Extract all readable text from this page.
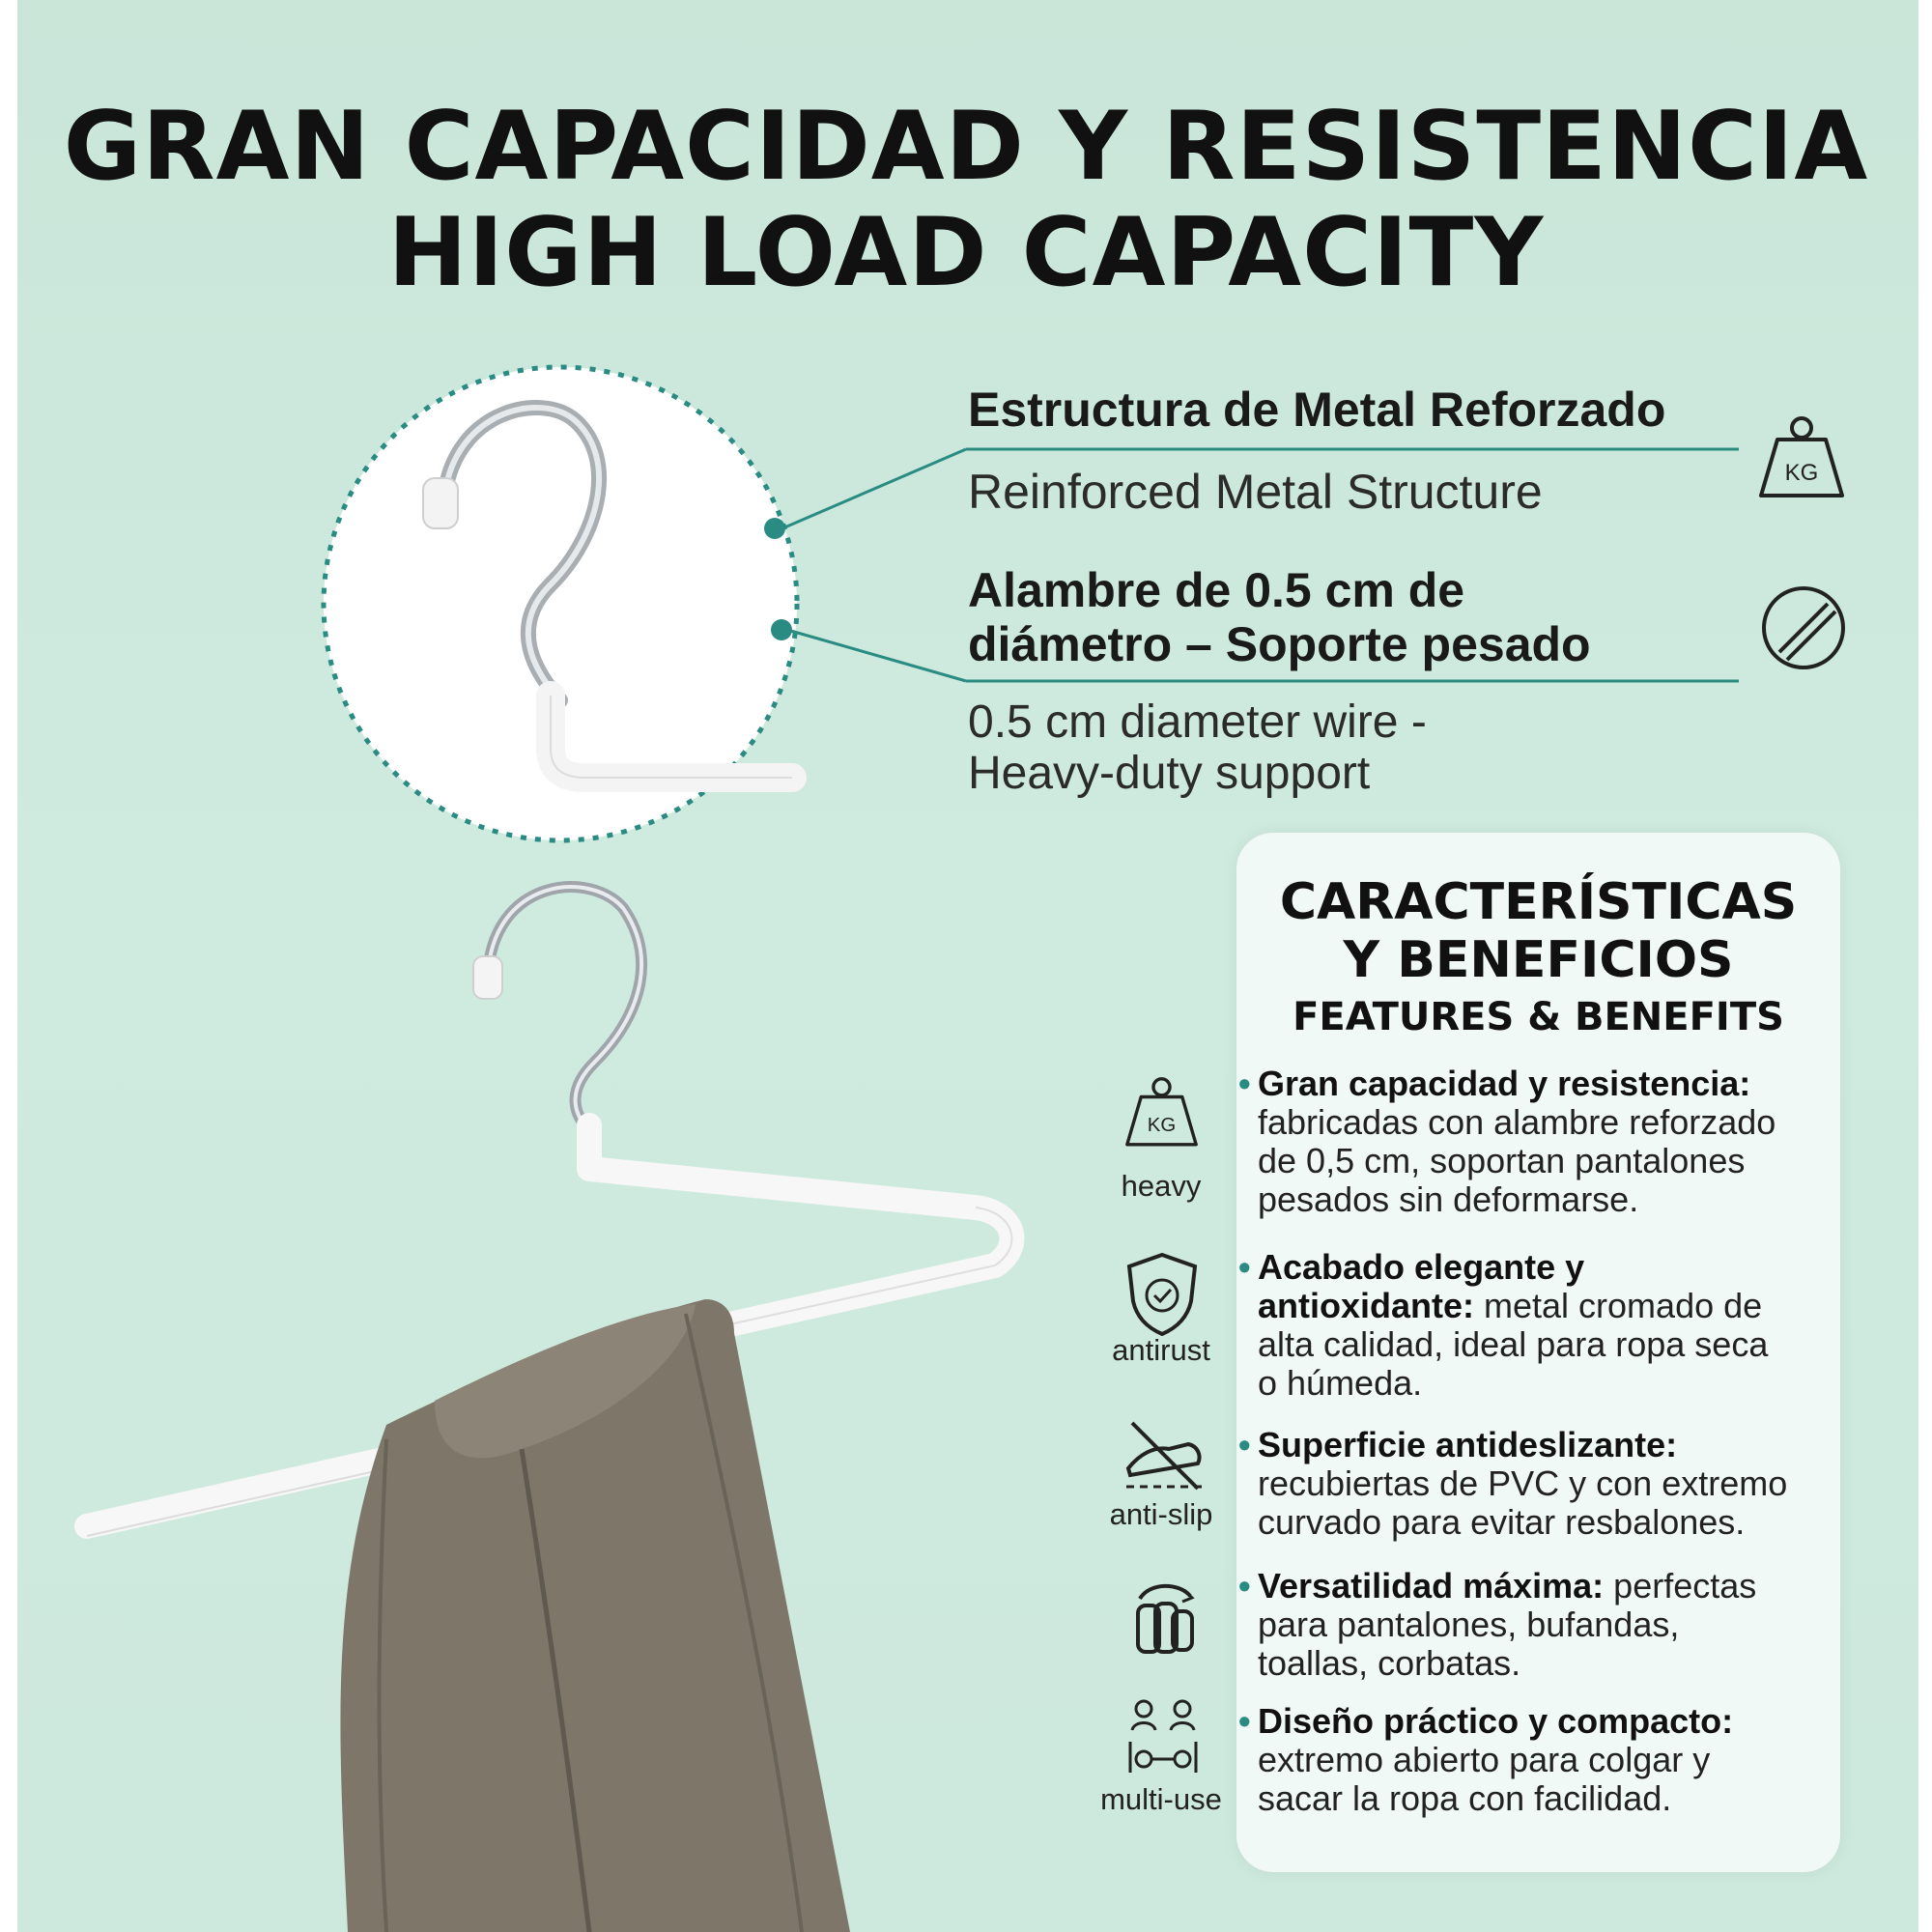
GRAN CAPACIDAD Y RESISTENCIA
HIGH LOAD CAPACITY
Estructura de Metal Reforzado
Reinforced Metal Structure	KG
Alambre de 0.5 cm de
diámetro – Soporte pesado
0.5 cm diameter wire -
Heavy-duty support
KG
heavy
antirust
anti-slip
multi-use
CARACTERÍSTICAS
Y BENEFICIOS
FEATURES & BENEFITS
• Gran capacidad y resistencia:
fabricadas con alambre reforzado
de 0,5 cm, soportan pantalones
pesados sin deformarse.
• Acabado elegante y
antioxidante: metal cromado de
alta calidad, ideal para ropa seca
o húmeda.
• Superficie antideslizante:
recubiertas de PVC y con extremo
curvado para evitar resbalones.
• Versatilidad máxima: perfectas
para pantalones, bufandas,
toallas, corbatas.
• Diseño práctico y compacto:
extremo abierto para colgar y
sacar la ropa con facilidad.
